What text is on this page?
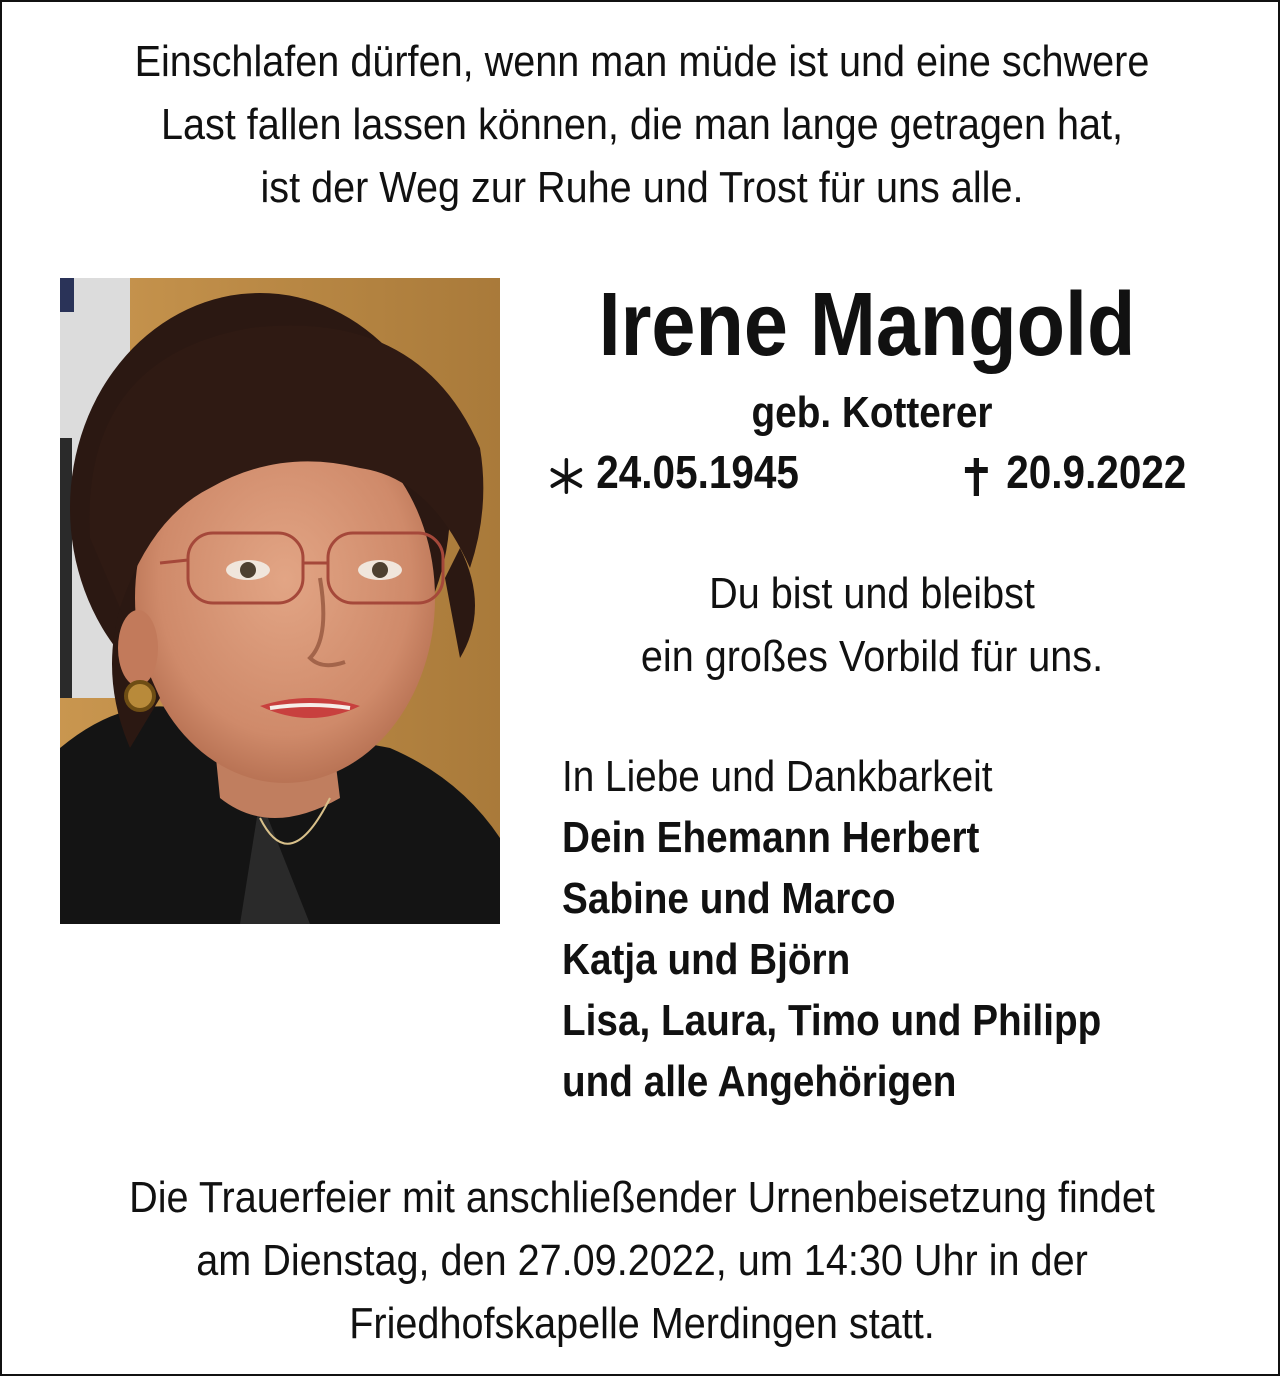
Einschlafen dürfen, wenn man müde ist und eine schwere
Last fallen lassen können, die man lange getragen hat,
ist der Weg zur Ruhe und Trost für uns alle.
Irene Mangold
geb. Kotterer
24.05.1945	20.9.2022
Du bist und bleibst
ein großes Vorbild für uns.
In Liebe und Dankbarkeit
Dein Ehemann Herbert
Sabine und Marco
Katja und Björn
Lisa, Laura, Timo und Philipp
und alle Angehörigen
Die Trauerfeier mit anschließender Urnenbeisetzung findet
am Dienstag, den 27.09.2022, um 14:30 Uhr in der
Friedhofskapelle Merdingen statt.
